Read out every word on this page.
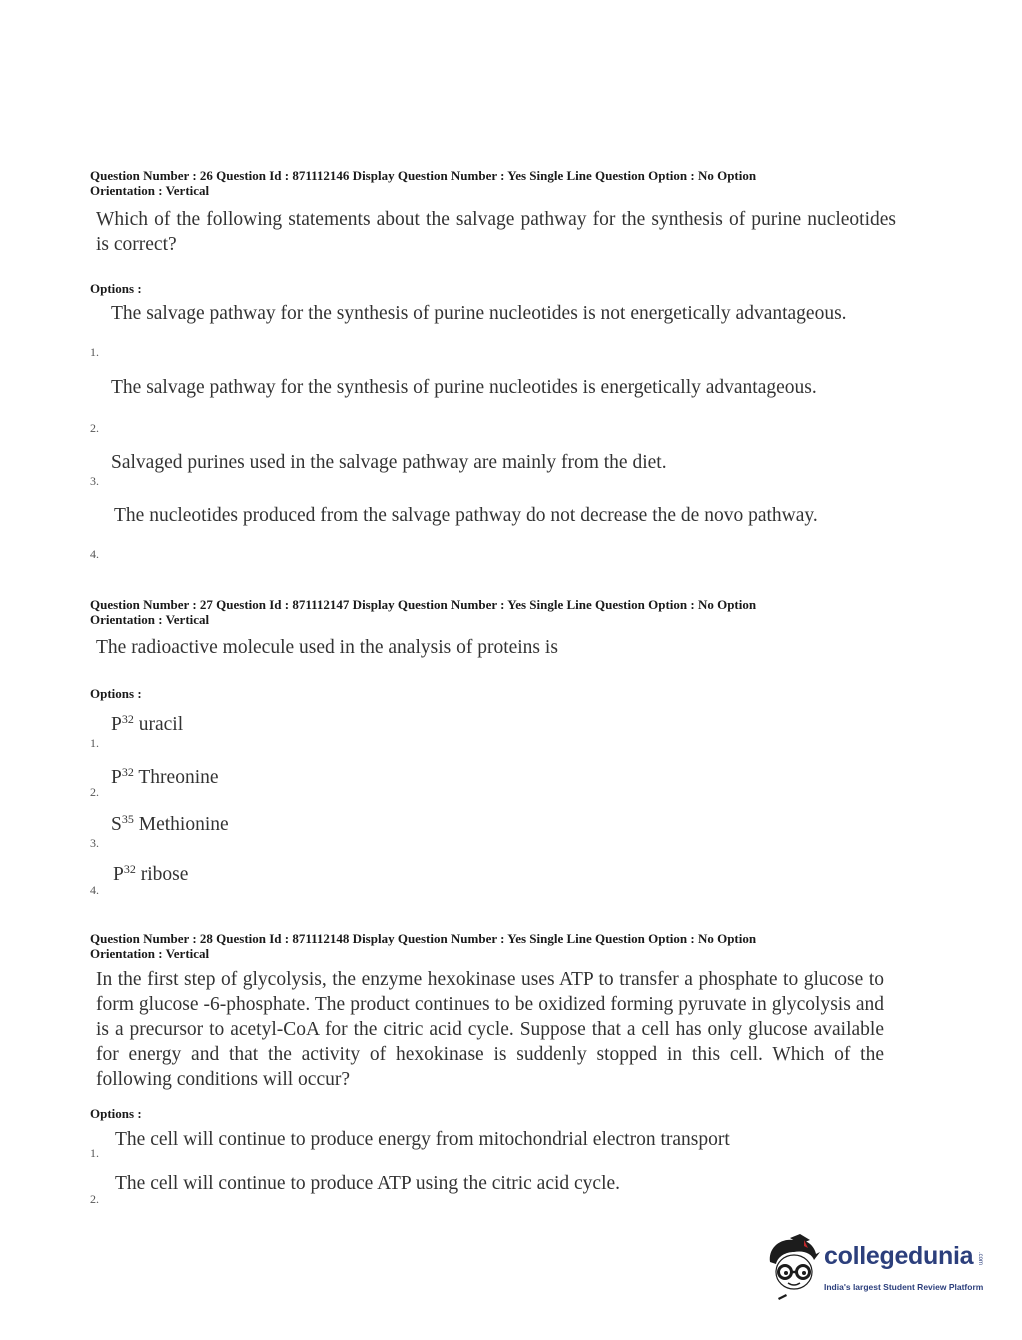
Question Number : 26 Question Id : 871112146 Display Question Number : Yes Single Line Question Option : No Option
Orientation : Vertical
Which of the following statements about the salvage pathway for the synthesis of purine nucleotides is correct?
Options :
The salvage pathway for the synthesis of purine nucleotides is not energetically advantageous.
1.
The salvage pathway for the synthesis of purine nucleotides is energetically advantageous.
2.
Salvaged purines used in the salvage pathway are mainly from the diet.
3.
The nucleotides produced from the salvage pathway do not decrease the de novo pathway.
4.
Question Number : 27 Question Id : 871112147 Display Question Number : Yes Single Line Question Option : No Option
Orientation : Vertical
The radioactive molecule used in the analysis of proteins is
Options :
$P^{32}$ uracil
1.
$P^{32}$ Threonine
2.
$S^{35}$ Methionine
3.
$P^{32}$ ribose
4.
Question Number : 28 Question Id : 871112148 Display Question Number : Yes Single Line Question Option : No Option
Orientation : Vertical
In the first step of glycolysis, the enzyme hexokinase uses ATP to transfer a phosphate to glucose to form glucose -6-phosphate. The product continues to be oxidized forming pyruvate in glycolysis and is a precursor to acetyl-CoA for the citric acid cycle. Suppose that a cell has only glucose available for energy and that the activity of hexokinase is suddenly stopped in this cell. Which of the following conditions will occur?
Options :
The cell will continue to produce energy from mitochondrial electron transport
1.
The cell will continue to produce ATP using the citric acid cycle.
2.
collegedunia .com
India's largest Student Review Platform
